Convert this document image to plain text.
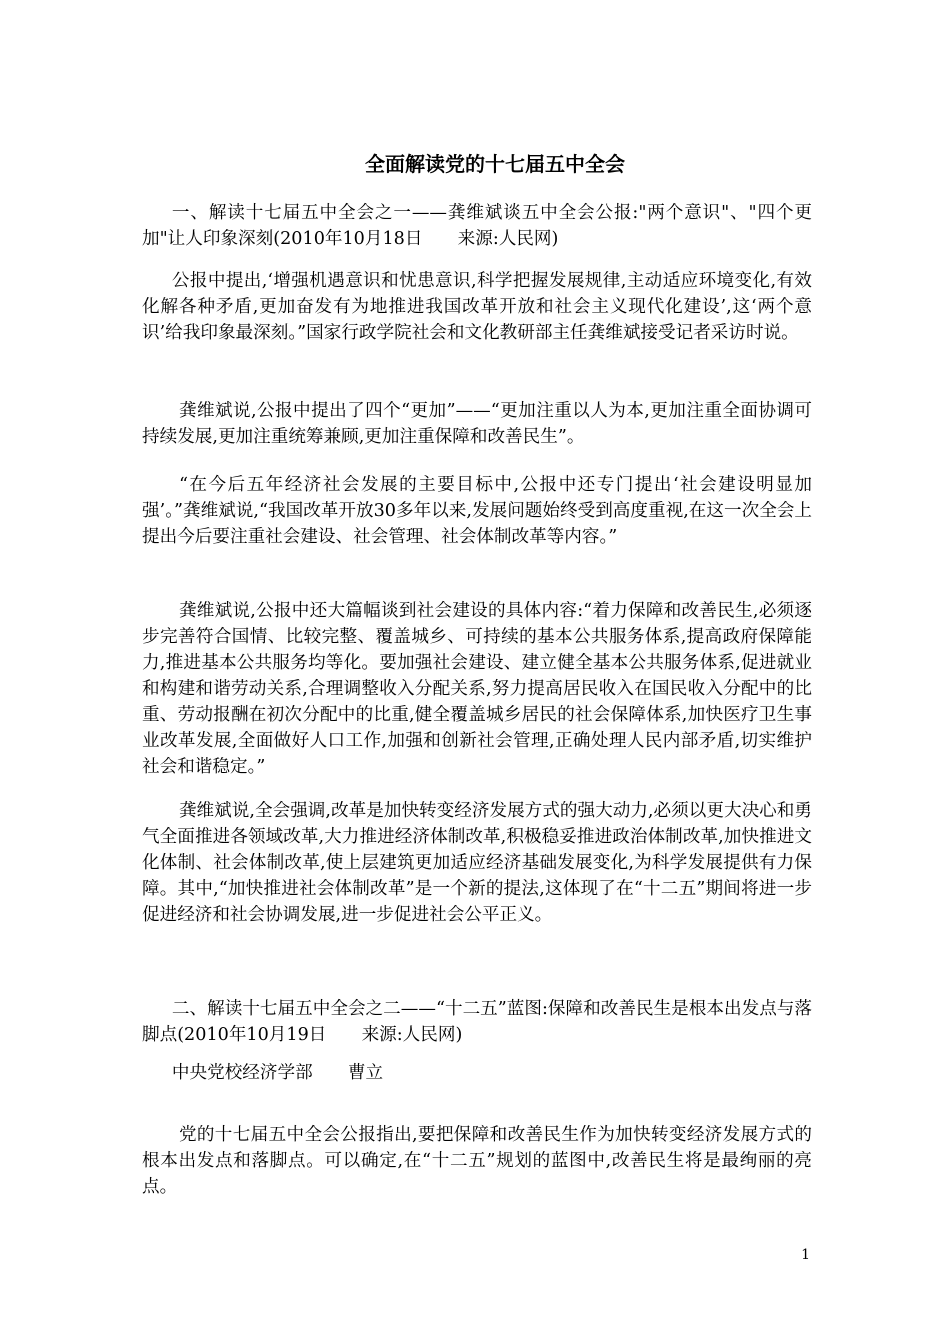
全面解读党的十七届五中全会
一、解读十七届五中全会之一——龚维斌谈五中全会公报:"两个意识"、"四个更加"让人印象深刻(2010年10月18日　　来源:人民网)
公报中提出,‘增强机遇意识和忧患意识,科学把握发展规律,主动适应环境变化,有效化解各种矛盾,更加奋发有为地推进我国改革开放和社会主义现代化建设’,这‘两个意识’给我印象最深刻。”国家行政学院社会和文化教研部主任龚维斌接受记者采访时说。
龚维斌说,公报中提出了四个“更加”——“更加注重以人为本,更加注重全面协调可持续发展,更加注重统筹兼顾,更加注重保障和改善民生”。
“在今后五年经济社会发展的主要目标中,公报中还专门提出‘社会建设明显加强’。”龚维斌说,“我国改革开放30多年以来,发展问题始终受到高度重视,在这一次全会上提出今后要注重社会建设、社会管理、社会体制改革等内容。”
龚维斌说,公报中还大篇幅谈到社会建设的具体内容:“着力保障和改善民生,必须逐步完善符合国情、比较完整、覆盖城乡、可持续的基本公共服务体系,提高政府保障能力,推进基本公共服务均等化。要加强社会建设、建立健全基本公共服务体系,促进就业和构建和谐劳动关系,合理调整收入分配关系,努力提高居民收入在国民收入分配中的比重、劳动报酬在初次分配中的比重,健全覆盖城乡居民的社会保障体系,加快医疗卫生事业改革发展,全面做好人口工作,加强和创新社会管理,正确处理人民内部矛盾,切实维护社会和谐稳定。”
龚维斌说,全会强调,改革是加快转变经济发展方式的强大动力,必须以更大决心和勇气全面推进各领域改革,大力推进经济体制改革,积极稳妥推进政治体制改革,加快推进文化体制、社会体制改革,使上层建筑更加适应经济基础发展变化,为科学发展提供有力保障。其中,“加快推进社会体制改革”是一个新的提法,这体现了在“十二五”期间将进一步促进经济和社会协调发展,进一步促进社会公平正义。
二、解读十七届五中全会之二——“十二五”蓝图:保障和改善民生是根本出发点与落脚点(2010年10月19日　　来源:人民网)
中央党校经济学部　　曹立
党的十七届五中全会公报指出,要把保障和改善民生作为加快转变经济发展方式的根本出发点和落脚点。可以确定,在“十二五”规划的蓝图中,改善民生将是最绚丽的亮点。
1
